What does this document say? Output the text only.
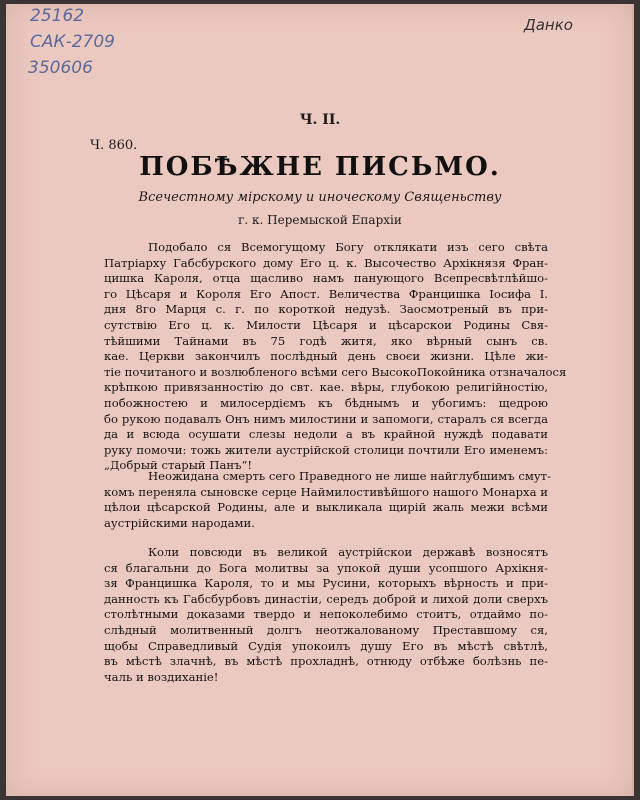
25162
САК-2709
350606
Данко
Ч. II.
Ч. 860.
ПОБѢЖНЕ ПИСЬМО.
Всечестному мірскому и иноческому Священьству
г. к. Перемыской Епархіи
Подобало ся Всемогущому Богу отклякати изъ сего свѣта
Патріарху Габсбурского дому Его ц. к. Высочество Архікнязя Фран-
цишка Кароля, отца щасливо намъ панующого Всепресвѣтлѣйшо-
го Цѣсаря и Короля Его Апост. Величества Францишка Іосифа I.
дня 8го Марця с. г. по короткой недузѣ. Заосмотреный въ при-
сутствію Его ц. к. Милости Цѣсаря и цѣсарскои Родины Свя-
тѣйшими Тайнами въ 75 годѣ житя, яко вѣрный сынъ св.
кае. Церкви закончилъ послѣдный день своєи жизни. Цѣле жи-
тіе почитаного и возлюбленого всѣми сего ВысокоПокойника отзначалося
крѣпкою привязанностію до свт. кае. вѣры, глубокою религійностію,
побожностею и милосердіємъ къ бѣднымъ и убогимъ: щедрою
бо рукою подавалъ Онъ нимъ милостини и запомоги, старалъ ся всегда
да и всюда осушати слезы недоли а въ крайной нуждѣ подавати
руку помочи: тожь жители аустрійской столици почтили Его именемъ:
„Добрый старый Панъ“!
Неожидана смерть сего Праведного не лише найглубшимъ смут-
комъ переняла сыновске серце Наймилостивѣйшого нашого Монарха и
цѣлои цѣсарской Родины, але и выкликала щирій жаль межи всѣми
аустрійскими народами.
Коли повсюди въ великой аустрійскои державѣ возносятъ
ся благальни до Бога молитвы за упокой души усопшого Архікня-
зя Францишка Кароля, то и мы Русини, которыхъ вѣрность и при-
данность къ Габсбурбовъ династіи, середъ доброй и лихой доли сверхъ
столѣтными доказами твердо и непоколебимо стоитъ, отдаймо по-
слѣдный молитвенный долгъ неотжалованому Преставшому ся,
щобы Справедливый Судія упокоилъ душу Его въ мѣстѣ свѣтлѣ,
въ мѣстѣ злачнѣ, въ мѣстѣ прохладнѣ, отнюду отбѣже болѣзнь пе-
чаль и воздиханіе!
